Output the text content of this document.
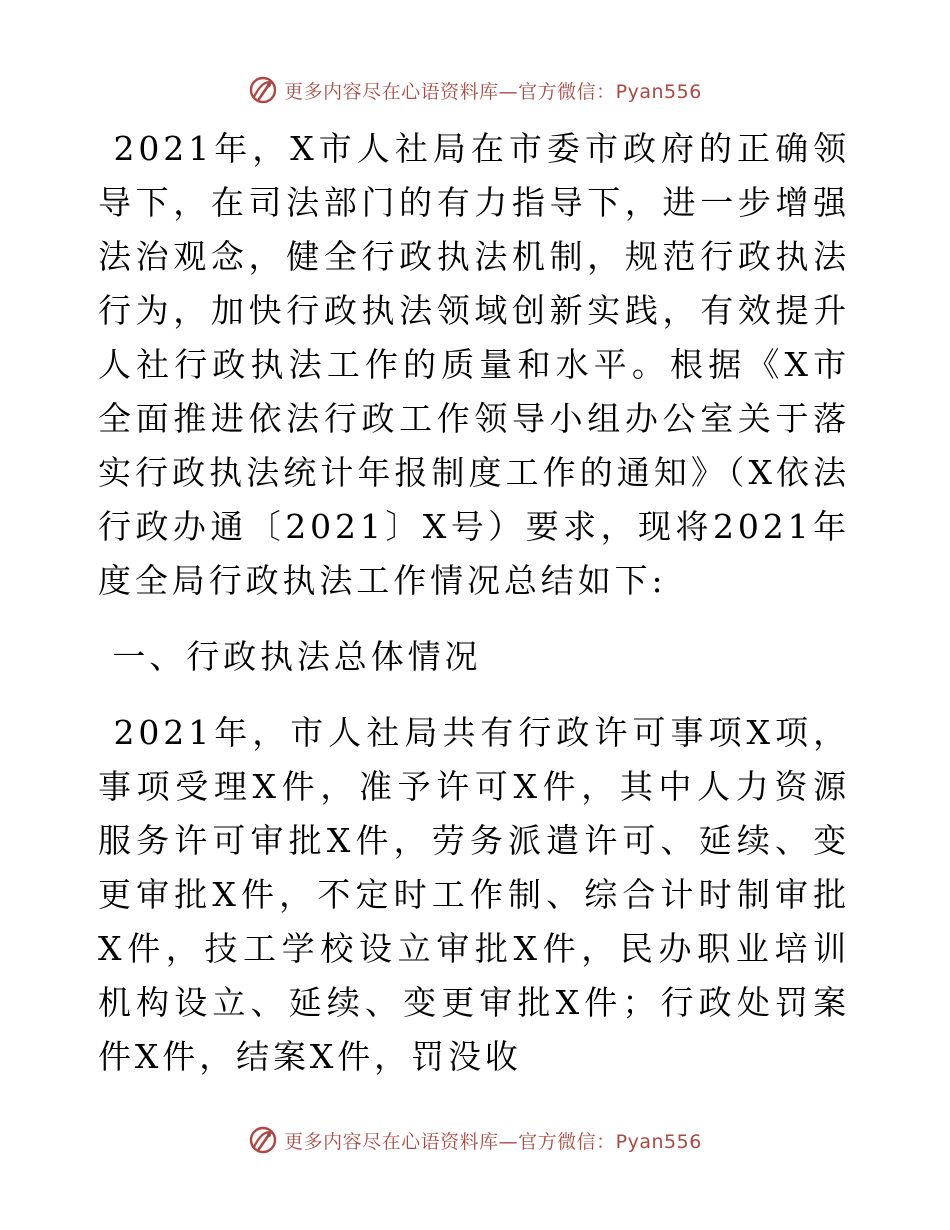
更多内容尽在心语资料库—官方微信：Pyan556

2021年，X市人社局在市委市政府的正确领导下，在司法部门的有力指导下，进一步增强法治观念，健全行政执法机制，规范行政执法行为，加快行政执法领域创新实践，有效提升人社行政执法工作的质量和水平。根据《X市全面推进依法行政工作领导小组办公室关于落实行政执法统计年报制度工作的通知》（X依法行政办通〔2021〕X号）要求，现将2021年度全局行政执法工作情况总结如下:

一、行政执法总体情况

2021年，市人社局共有行政许可事项X项，事项受理X件，准予许可X件，其中人力资源服务许可审批X件，劳务派遣许可、延续、变更审批X件，不定时工作制、综合计时制审批X件，技工学校设立审批X件，民办职业培训机构设立、延续、变更审批X件；行政处罚案件X件，结案X件，罚没收

更多内容尽在心语资料库—官方微信：Pyan556
